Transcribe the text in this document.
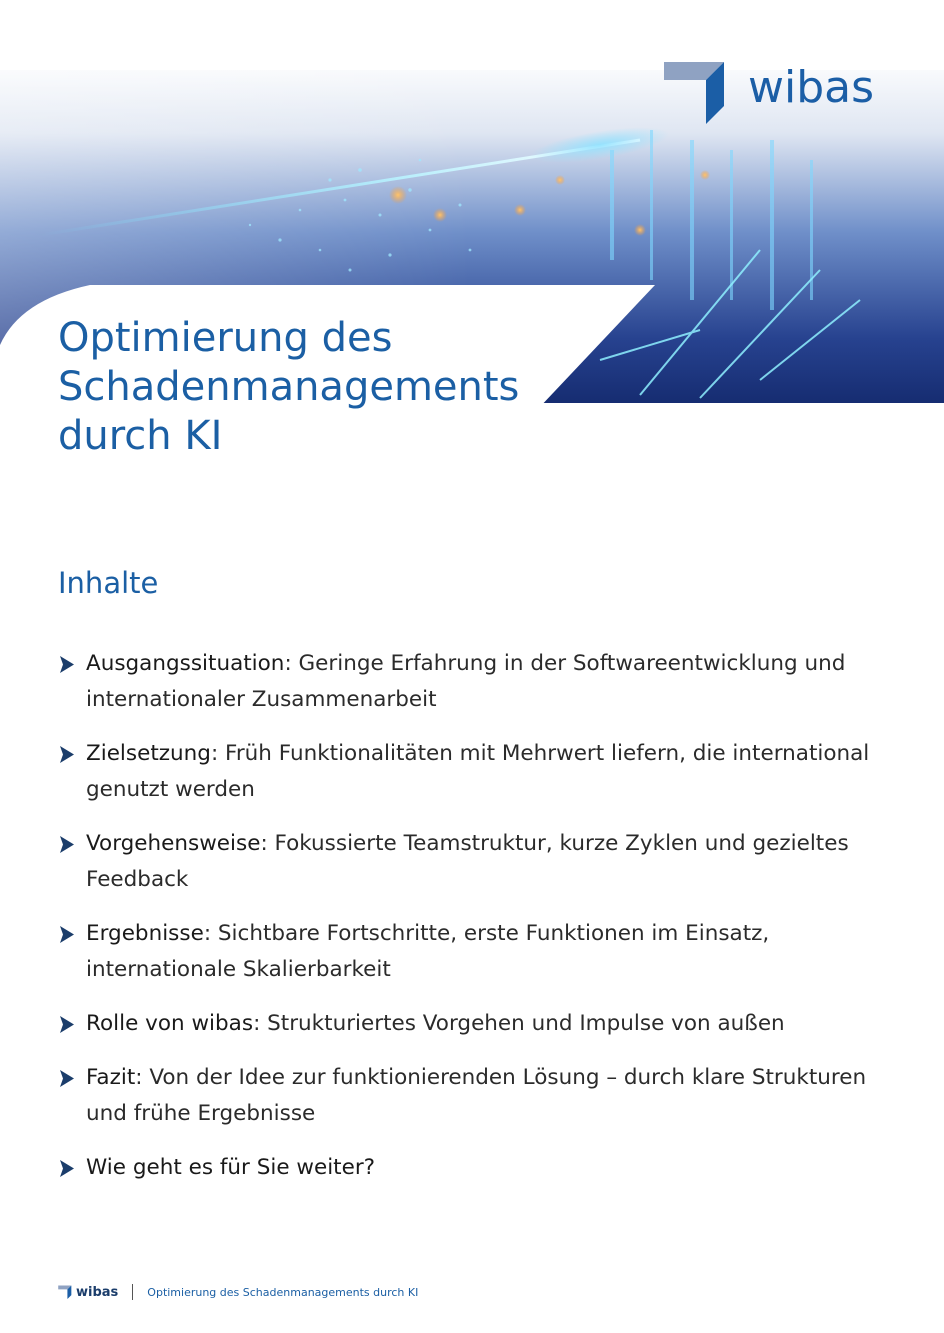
wibas
Optimierung des Schadenmanagements durch KI
Inhalte
Ausgangssituation: Geringe Erfahrung in der Softwareentwicklung und internationaler Zusammenarbeit
Zielsetzung: Früh Funktionalitäten mit Mehrwert liefern, die international genutzt werden
Vorgehensweise: Fokussierte Teamstruktur, kurze Zyklen und gezieltes Feedback
Ergebnisse: Sichtbare Fortschritte, erste Funktionen im Einsatz, internationale Skalierbarkeit
Rolle von wibas: Strukturiertes Vorgehen und Impulse von außen
Fazit: Von der Idee zur funktionierenden Lösung – durch klare Strukturen und frühe Ergebnisse
Wie geht es für Sie weiter?
wibas	Optimierung des Schadenmanagements durch KI
